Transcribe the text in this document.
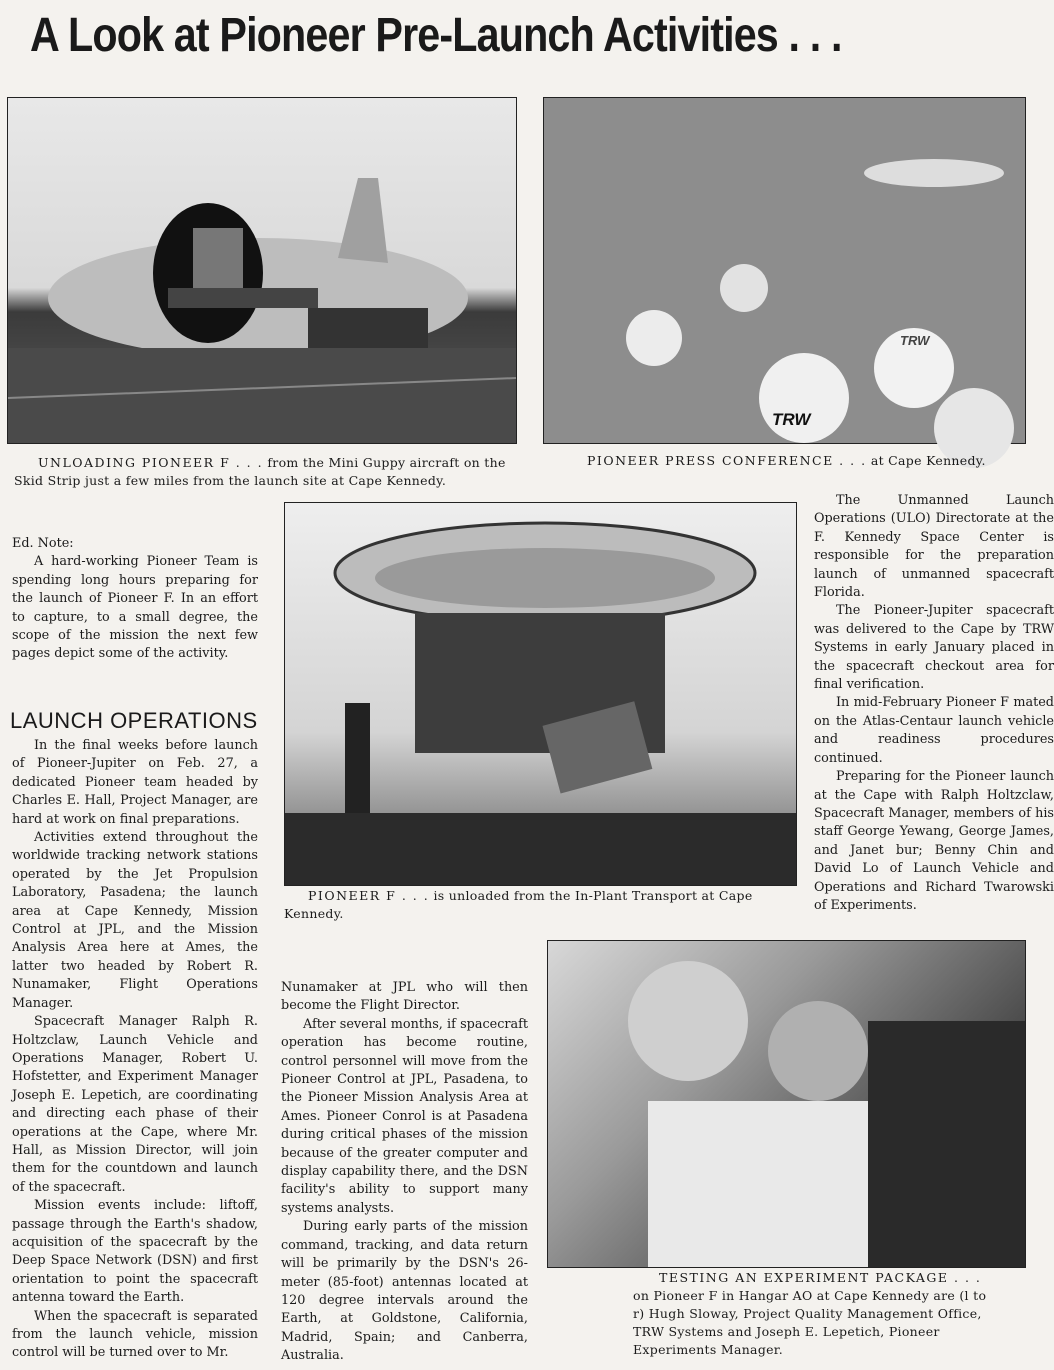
A Look at Pioneer Pre-Launch Activities . . .
TRW
TRW
UNLOADING PIONEER F . . . from the Mini Guppy aircraft on the Skid Strip just a few miles from the launch site at Cape Kennedy.
PIONEER PRESS CONFERENCE . . . at Cape Kennedy.
PIONEER F . . . is unloaded from the In-Plant Transport at Cape Kennedy.
TESTING AN EXPERIMENT PACKAGE . . . on Pioneer F in Hangar AO at Cape Kennedy are (l to r) Hugh Sloway, Project Quality Management Office, TRW Systems and Joseph E. Lepetich, Pioneer Experiments Manager.

Ed. Note:

A hard-working Pioneer Team is spending long hours preparing for the launch of Pioneer F. In an effort to capture, to a small degree, the scope of the mission the next few pages depict some of the activity.

LAUNCH OPERATIONS

In the final weeks before launch of Pioneer-Jupiter on Feb. 27, a dedicated Pioneer team headed by Charles E. Hall, Project Manager, are hard at work on final preparations.

Activities extend throughout the worldwide tracking network stations operated by the Jet Propulsion Laboratory, Pasadena; the launch area at Cape Kennedy, Mission Control at JPL, and the Mission Analysis Area here at Ames, the latter two headed by Robert R. Nunamaker, Flight Operations Manager.

Spacecraft Manager Ralph R. Holtzclaw, Launch Vehicle and Operations Manager, Robert U. Hofstetter, and Experiment Manager Joseph E. Lepetich, are coordinating and directing each phase of their operations at the Cape, where Mr. Hall, as Mission Director, will join them for the countdown and launch of the spacecraft.

Mission events include: liftoff, passage through the Earth's shadow, acquisition of the spacecraft by the Deep Space Network (DSN) and first orientation to point the spacecraft antenna toward the Earth.

When the spacecraft is separated from the launch vehicle, mission control will be turned over to Mr.

Nunamaker at JPL who will then become the Flight Director.

After several months, if spacecraft operation has become routine, control personnel will move from the Pioneer Control at JPL, Pasadena, to the Pioneer Mission Analysis Area at Ames. Pioneer Conrol is at Pasadena during critical phases of the mission because of the greater computer and display capability there, and the DSN facility's ability to support many systems analysts.

During early parts of the mission command, tracking, and data return will be primarily by the DSN's 26-meter (85-foot) antennas located at 120 degree intervals around the Earth, at Goldstone, California, Madrid, Spain; and Canberra, Australia.

The Unmanned Launch Operations (ULO) Directorate at the F. Kennedy Space Center is responsible for the preparation launch of unmanned spacecraft Florida.

The Pioneer-Jupiter spacecraft was delivered to the Cape by TRW Systems in early January placed in the spacecraft checkout area for final verification.

In mid-February Pioneer F mated on the Atlas-Centaur launch vehicle and readiness procedures continued.

Preparing for the Pioneer launch at the Cape with Ralph Holtzclaw, Spacecraft Manager, members of his staff George Yewang, George James, and Janet bur; Benny Chin and David Lo of Launch Vehicle and Operations and Richard Twarowski of Experiments.
